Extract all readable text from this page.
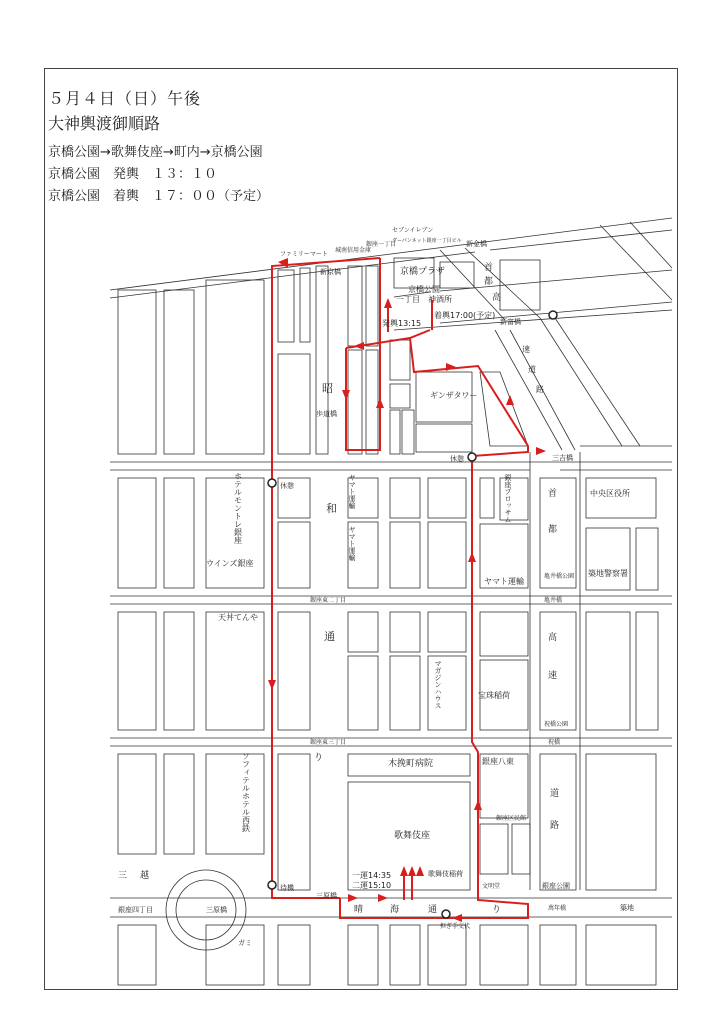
５月４日（日）午後
大神輿渡御順路
京橋公園→歌舞伎座→町内→京橋公園
京橋公園　発輿　１３：１０
京橋公園　着輿　１７：００（予定）
ファミリーマート
城南信用金庫
銀座一丁目
セブンイレブン
ダーパンネット銀座一丁目ビル 新金橋
新京橋	京橋プラザ
京橋公園
一丁目 神酒所
首
都
高
発輿13:15
着輿17:00(予定)
新富橋
昭
ギンザタワー
速
道
路
歩道橋
三吉橋
休憩
休憩
ホテルモントレ銀座	和 ヤマト運輸
ヤマト運輸
銀座プロッサム	中央区役所
首
都
ウインズ銀座
ヤマト運輸
築地警察署
亀井橋公園
亀井橋
銀座東二丁目
天丼てんや
通	高
速
マガジンハウス	宝珠稲荷
祝橋公園
祝橋
銀座東三丁目
り
木挽町病院	銀座八東
ソフィテルホテル西鉄	銀座区民館
歌舞伎座
道
路
一運14:35
二運15:10
歌舞伎稲荷
文明堂	銀座公園
三 越
待機
三原橋
銀座四丁目	三原橋	晴	海	通	り	萬年橋	築地
担ぎ手交代
ガミ
